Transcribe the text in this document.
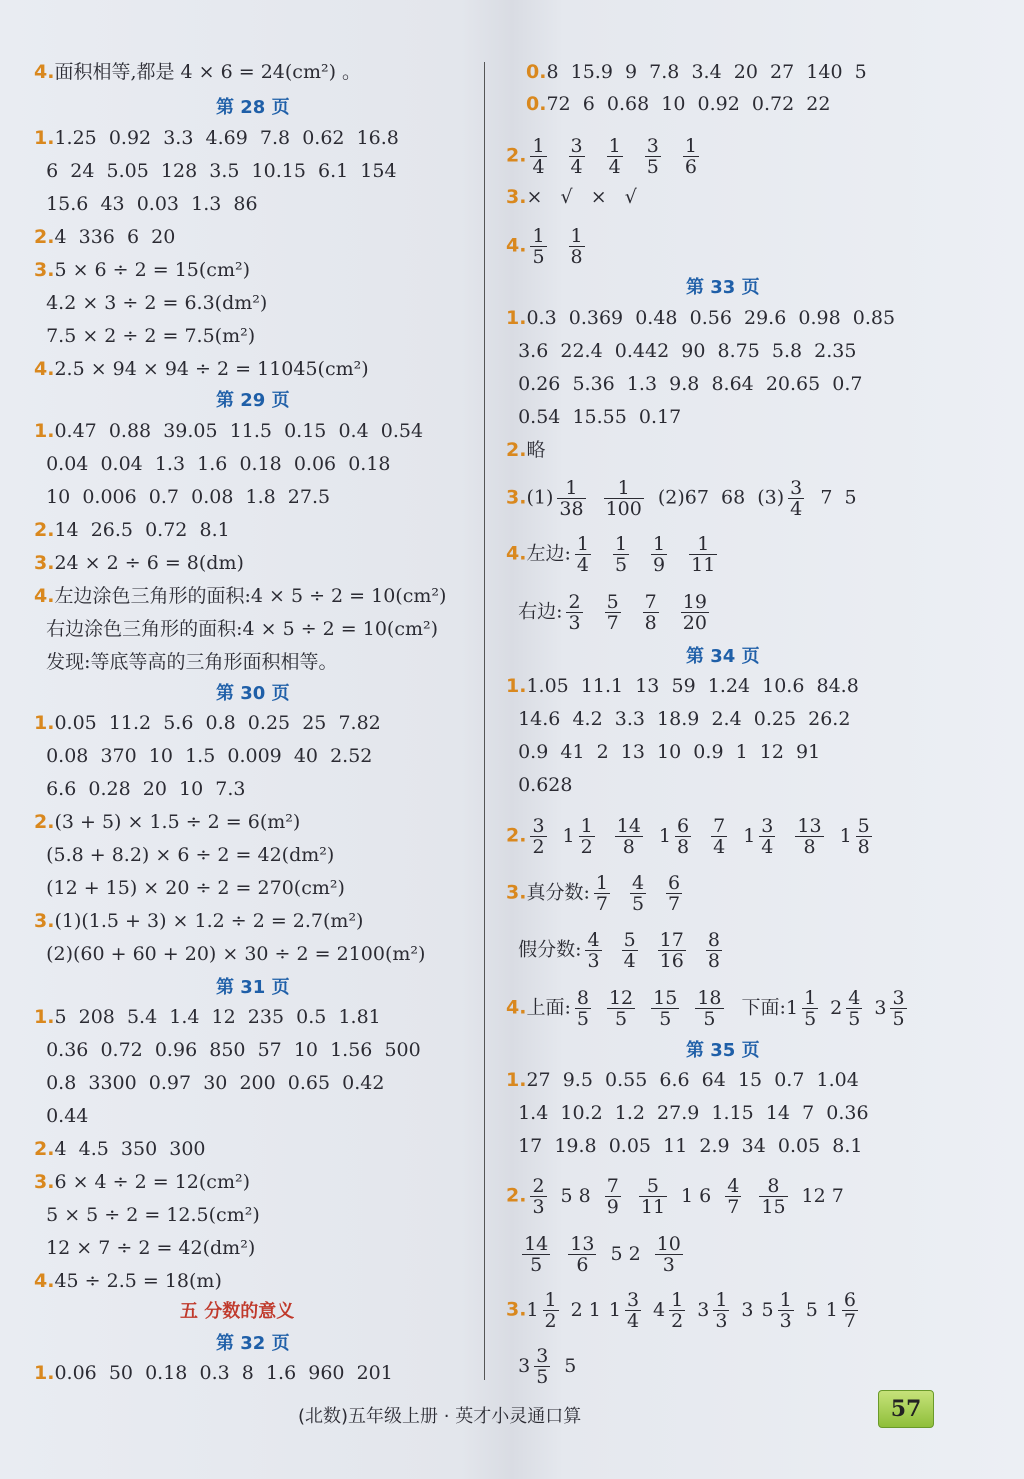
4.面积相等,都是 4 × 6 = 24(cm²) 。
第 28 页
1.1.25  0.92  3.3  4.69  7.8  0.62  16.8
6  24  5.05  128  3.5  10.15  6.1  154
15.6  43  0.03  1.3  86
2.4  336  6  20
3.5 × 6 ÷ 2 = 15(cm²)
4.2 × 3 ÷ 2 = 6.3(dm²)
7.5 × 2 ÷ 2 = 7.5(m²)
4.2.5 × 94 × 94 ÷ 2 = 11045(cm²)
第 29 页
1.0.47  0.88  39.05  11.5  0.15  0.4  0.54
0.04  0.04  1.3  1.6  0.18  0.06  0.18
10  0.006  0.7  0.08  1.8  27.5
2.14  26.5  0.72  8.1
3.24 × 2 ÷ 6 = 8(dm)
4.左边涂色三角形的面积:4 × 5 ÷ 2 = 10(cm²)
右边涂色三角形的面积:4 × 5 ÷ 2 = 10(cm²)
发现:等底等高的三角形面积相等。
第 30 页
1.0.05  11.2  5.6  0.8  0.25  25  7.82
0.08  370  10  1.5  0.009  40  2.52
6.6  0.28  20  10  7.3
2.(3 + 5) × 1.5 ÷ 2 = 6(m²)
(5.8 + 8.2) × 6 ÷ 2 = 42(dm²)
(12 + 15) × 20 ÷ 2 = 270(cm²)
3.(1)(1.5 + 3) × 1.2 ÷ 2 = 2.7(m²)
(2)(60 + 60 + 20) × 30 ÷ 2 = 2100(m²)
第 31 页
1.5  208  5.4  1.4  12  235  0.5  1.81
0.36  0.72  0.96  850  57  10  1.56  500
0.8  3300  0.97  30  200  0.65  0.42
0.44
2.4  4.5  350  300
3.6 × 4 ÷ 2 = 12(cm²)
5 × 5 ÷ 2 = 12.5(cm²)
12 × 7 ÷ 2 = 42(dm²)
4.45 ÷ 2.5 = 18(m)
五 分数的意义
第 32 页
1.0.06  50  0.18  0.3  8  1.6  960  201
0.8  15.9  9  7.8  3.4  20  27  140  5
0.72  6  0.68  10  0.92  0.72  22
2. $\frac{1}{4} \frac{3}{4} \frac{1}{4} \frac{3}{5} \frac{1}{6}$
3.×   √   ×   √
4. $\frac{1}{5} \frac{1}{8}$
第 33 页
1.0.3  0.369  0.48  0.56  29.6  0.98  0.85
3.6  22.4  0.442  90  8.75  5.8  2.35
0.26  5.36  1.3  9.8  8.64  20.65  0.7
0.54  15.55  0.17
2.略
$3.(1) \frac{1}{38} \frac{1}{100} (2)67$  68  $(3) \frac{3}{4} 7$  5
4.左边: $\frac{1}{4} \frac{1}{5} \frac{1}{9} \frac{1}{11}$
右边: $\frac{2}{3} \frac{5}{7} \frac{7}{8} \frac{19}{20}$
第 34 页
1.1.05  11.1  13  59  1.24  10.6  84.8
14.6  4.2  3.3  18.9  2.4  0.25  26.2
0.9  41  2  13  10  0.9  1  12  91
0.628
2. $\frac{3}{2} 1 \frac{1}{2} \frac{14}{8} 1 \frac{6}{8} \frac{7}{4} 1 \frac{3}{4} \frac{13}{8} 1 \frac{5}{8}$
3.真分数: $\frac{1}{7} \frac{4}{5} \frac{6}{7}$
假分数: $\frac{4}{3} \frac{5}{4} \frac{17}{16} \frac{8}{8}$
4.上面: $\frac{8}{5} \frac{12}{5} \frac{15}{5} \frac{18}{5}$ 下面:1 $\frac{1}{5} 2 \frac{4}{5} 3 \frac{3}{5}$
第 35 页
1.27  9.5  0.55  6.6  64  15  0.7  1.04
1.4  10.2  1.2  27.9  1.15  14  7  0.36
17  19.8  0.05  11  2.9  34  0.05  8.1
2. $\frac{2}{3} 5$ $8 \frac{7}{9} \frac{5}{11} 1$ $6 \frac{4}{7} \frac{8}{15} 12$ 7

$\frac{14}{5} \frac{13}{6} 5$ $2 \frac{10}{3}$
$3.1 \frac{1}{2} 2$ 1 $1 \frac{3}{4} 4 \frac{1}{2} 3 \frac{1}{3} 3$ $5 \frac{1}{3} 5$ $1 \frac{6}{7}$
$3 \frac{3}{5} 5$
(北数)五年级上册 · 英才小灵通口算	57
